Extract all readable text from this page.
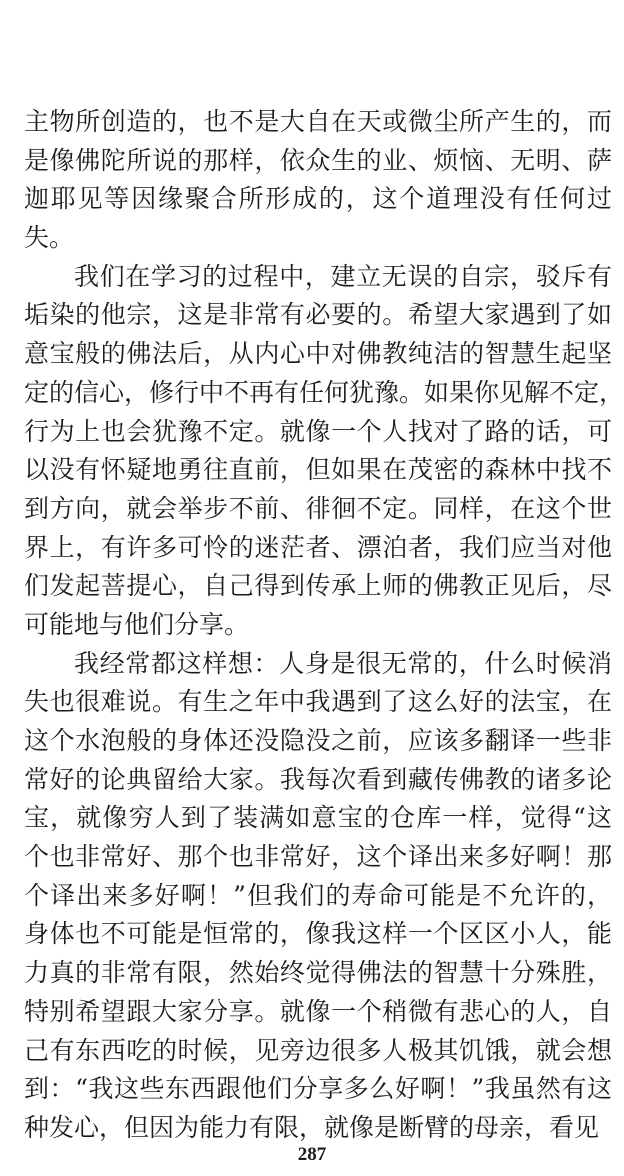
主物所创造的，也不是大自在天或微尘所产生的，而
是像佛陀所说的那样，依众生的业、烦恼、无明、萨
迦耶见等因缘聚合所形成的，这个道理没有任何过
失。
我们在学习的过程中，建立无误的自宗，驳斥有
垢染的他宗，这是非常有必要的。希望大家遇到了如
意宝般的佛法后，从内心中对佛教纯洁的智慧生起坚
定的信心，修行中不再有任何犹豫。如果你见解不定，
行为上也会犹豫不定。就像一个人找对了路的话，可
以没有怀疑地勇往直前，但如果在茂密的森林中找不
到方向，就会举步不前、徘徊不定。同样，在这个世
界上，有许多可怜的迷茫者、漂泊者，我们应当对他
们发起菩提心，自己得到传承上师的佛教正见后，尽
可能地与他们分享。
我经常都这样想：人身是很无常的，什么时候消
失也很难说。有生之年中我遇到了这么好的法宝，在
这个水泡般的身体还没隐没之前，应该多翻译一些非
常好的论典留给大家。我每次看到藏传佛教的诸多论
宝，就像穷人到了装满如意宝的仓库一样，觉得“这
个也非常好、那个也非常好，这个译出来多好啊！那
个译出来多好啊！”但我们的寿命可能是不允许的，
身体也不可能是恒常的，像我这样一个区区小人，能
力真的非常有限，然始终觉得佛法的智慧十分殊胜，
特别希望跟大家分享。就像一个稍微有悲心的人，自
己有东西吃的时候，见旁边很多人极其饥饿，就会想
到：“我这些东西跟他们分享多么好啊！”我虽然有这
种发心，但因为能力有限，就像是断臂的母亲，看见
287
